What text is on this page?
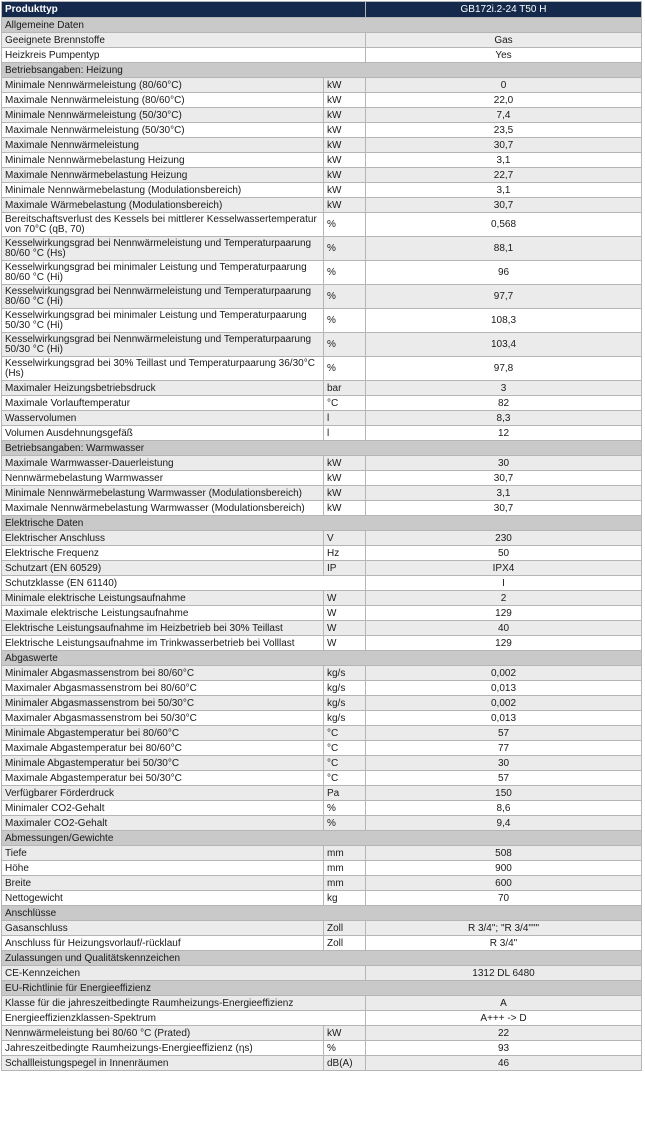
Produkttyp		GB172i.2-24 T50 H
Allgemeine Daten		
Geeignete Brennstoffe		Gas
Heizkreis Pumpentyp		Yes
Betriebsangaben: Heizung		
Minimale Nennwärmeleistung (80/60°C)	kW	0
Maximale Nennwärmeleistung (80/60°C)	kW	22,0
Minimale Nennwärmeleistung (50/30°C)	kW	7,4
Maximale Nennwärmeleistung (50/30°C)	kW	23,5
Maximale Nennwärmeleistung	kW	30,7
Minimale Nennwärmebelastung Heizung	kW	3,1
Maximale Nennwärmebelastung Heizung	kW	22,7
Minimale Nennwärmebelastung (Modulationsbereich)	kW	3,1
Maximale Wärmebelastung (Modulationsbereich)	kW	30,7
Bereitschaftsverlust des Kessels bei mittlerer Kesselwassertemperatur von 70°C (qB, 70)	%	0,568
Kesselwirkungsgrad bei Nennwärmeleistung und Temperaturpaarung 80/60 °C (Hs)	%	88,1
Kesselwirkungsgrad bei minimaler Leistung und Temperaturpaarung 80/60 °C (Hi)	%	96
Kesselwirkungsgrad bei Nennwärmeleistung und Temperaturpaarung 80/60 °C (Hi)	%	97,7
Kesselwirkungsgrad bei minimaler Leistung und Temperaturpaarung 50/30 °C (Hi)	%	108,3
Kesselwirkungsgrad bei Nennwärmeleistung und Temperaturpaarung 50/30 °C (Hi)	%	103,4
Kesselwirkungsgrad bei 30% Teillast und Temperaturpaarung 36/30°C (Hs)	%	97,8
Maximaler Heizungsbetriebsdruck	bar	3
Maximale Vorlauftemperatur	°C	82
Wasservolumen	l	8,3
Volumen Ausdehnungsgefäß	l	12
Betriebsangaben: Warmwasser		
Maximale Warmwasser-Dauerleistung	kW	30
Nennwärmebelastung Warmwasser	kW	30,7
Minimale Nennwärmebelastung Warmwasser (Modulationsbereich)	kW	3,1
Maximale Nennwärmebelastung Warmwasser (Modulationsbereich)	kW	30,7
Elektrische Daten		
Elektrischer Anschluss	V	230
Elektrische Frequenz	Hz	50
Schutzart (EN 60529)	IP	IPX4
Schutzklasse (EN 61140)		I
Minimale elektrische Leistungsaufnahme	W	2
Maximale elektrische Leistungsaufnahme	W	129
Elektrische Leistungsaufnahme im Heizbetrieb bei 30% Teillast	W	40
Elektrische Leistungsaufnahme im Trinkwasserbetrieb bei Volllast	W	129
Abgaswerte		
Minimaler Abgasmassenstrom bei 80/60°C	kg/s	0,002
Maximaler Abgasmassenstrom bei 80/60°C	kg/s	0,013
Minimaler Abgasmassenstrom bei 50/30°C	kg/s	0,002
Maximaler Abgasmassenstrom bei 50/30°C	kg/s	0,013
Minimale Abgastemperatur bei 80/60°C	°C	57
Maximale Abgastemperatur bei 80/60°C	°C	77
Minimale Abgastemperatur bei 50/30°C	°C	30
Maximale Abgastemperatur bei 50/30°C	°C	57
Verfügbarer Förderdruck	Pa	150
Minimaler CO2-Gehalt	%	8,6
Maximaler CO2-Gehalt	%	9,4
Abmessungen/Gewichte		
Tiefe	mm	508
Höhe	mm	900
Breite	mm	600
Nettogewicht	kg	70
Anschlüsse		
Gasanschluss	Zoll	R 3/4"; "R 3/4"""
Anschluss für Heizungsvorlauf/-rücklauf	Zoll	R 3/4"
Zulassungen und Qualitätskennzeichen		
CE-Kennzeichen		1312 DL 6480
EU-Richtlinie für Energieeffizienz		
Klasse für die jahreszeitbedingte Raumheizungs-Energieeffizienz		A
Energieeffizienzklassen-Spektrum		A+++ -> D
Nennwärmeleistung bei 80/60 °C (Prated)	kW	22
Jahreszeitbedingte Raumheizungs-Energieeffizienz (ηs)	%	93
Schallleistungspegel in Innenräumen	dB(A)	46
